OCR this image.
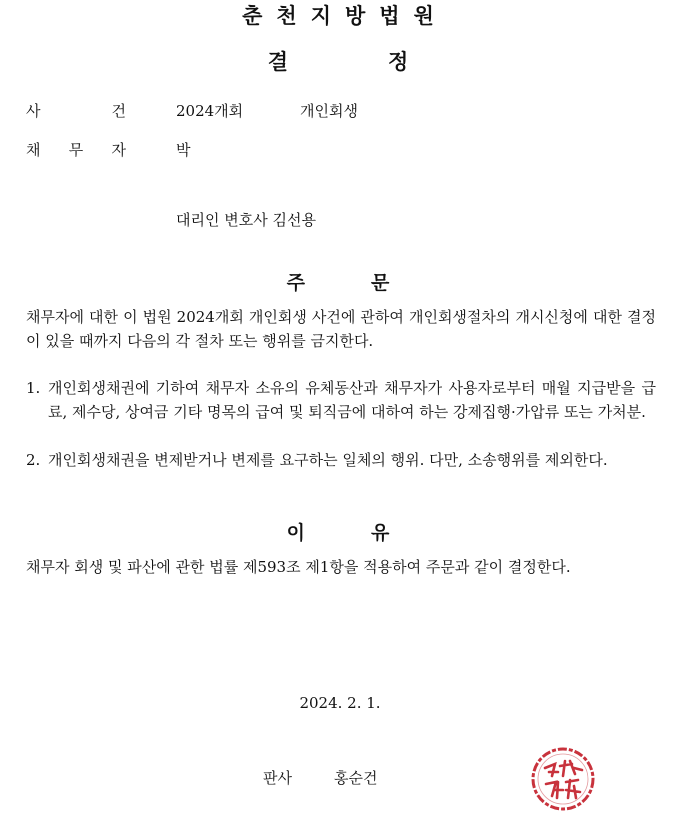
춘천지방법원
결정
사	건	2024개회	개인회생
채 무 자	박
대리인 변호사 김선용
주문
채무자에 대한 이 법원 2024개회 개인회생 사건에 관하여 개인회생절차의 개시신청에 대한 결정이 있을 때까지 다음의 각 절차 또는 행위를 금지한다.
1. 개인회생채권에 기하여 채무자 소유의 유체동산과 채무자가 사용자로부터 매월 지급받을 급료, 제수당, 상여금 기타 명목의 급여 및 퇴직금에 대하여 하는 강제집행·가압류 또는 가처분.
2. 개인회생채권을 변제받거나 변제를 요구하는 일체의 행위. 다만, 소송행위를 제외한다.
이유
채무자 회생 및 파산에 관한 법률 제593조 제1항을 적용하여 주문과 같이 결정한다.
2024. 2. 1.
판사	홍순건
